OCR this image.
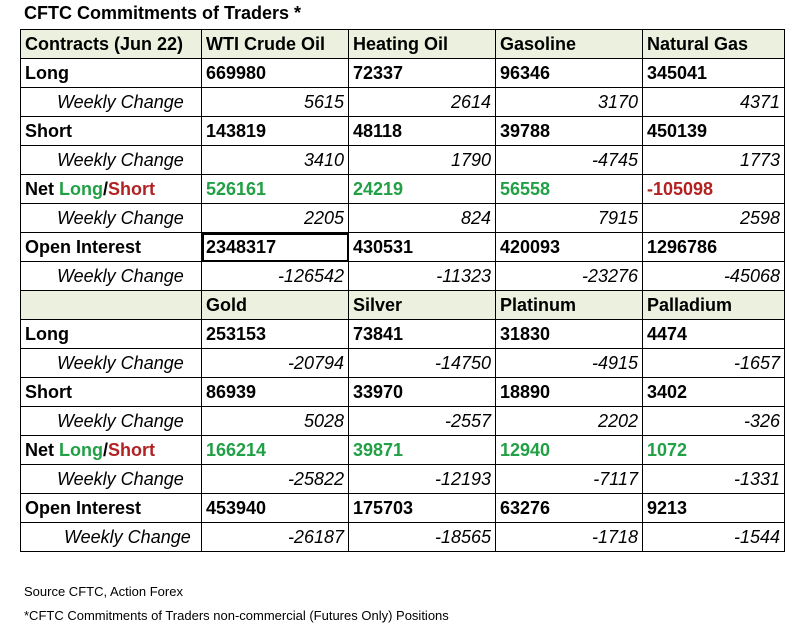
CFTC Commitments of Traders *
Contracts (Jun 22)	WTI Crude Oil	Heating Oil	Gasoline	Natural Gas
Long	669980	72337	96346	345041
Weekly Change	5615	2614	3170	4371
Short	143819	48118	39788	450139
Weekly Change	3410	1790	-4745	1773
Net Long/Short	526161	24219	56558	-105098
Weekly Change	2205	824	7915	2598
Open Interest	2348317	430531	420093	1296786
Weekly Change	-126542	-11323	-23276	-45068
	Gold	Silver	Platinum	Palladium
Long	253153	73841	31830	4474
Weekly Change	-20794	-14750	-4915	-1657
Short	86939	33970	18890	3402
Weekly Change	5028	-2557	2202	-326
Net Long/Short	166214	39871	12940	1072
Weekly Change	-25822	-12193	-7117	-1331
Open Interest	453940	175703	63276	9213
Weekly Change	-26187	-18565	-1718	-1544
Source CFTC, Action Forex
*CFTC Commitments of Traders non-commercial (Futures Only) Positions
